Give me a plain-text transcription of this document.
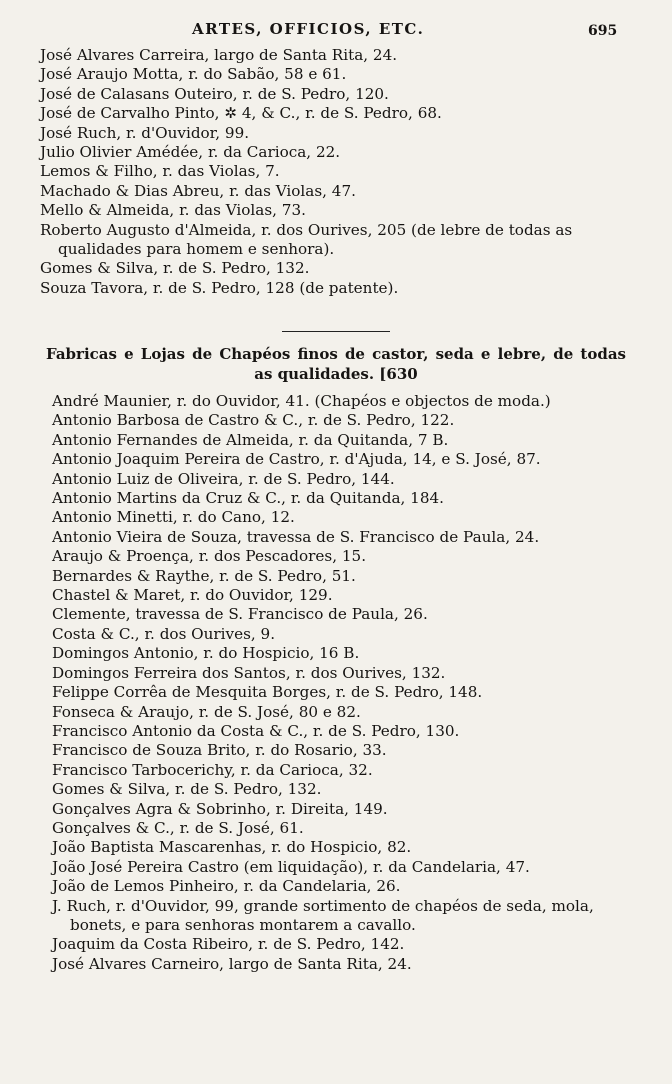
ARTES, OFFICIOS, ETC.	695
José Alvares Carreira, largo de Santa Rita, 24.
José Araujo Motta, r. do Sabão, 58 e 61.
José de Calasans Outeiro, r. de S. Pedro, 120.
José de Carvalho Pinto, ✲ 4, & C., r. de S. Pedro, 68.
José Ruch, r. d'Ouvidor, 99.
Julio Olivier Amédée, r. da Carioca, 22.
Lemos & Filho, r. das Violas, 7.
Machado & Dias Abreu, r. das Violas, 47.
Mello & Almeida, r. das Violas, 73.
Roberto Augusto d'Almeida, r. dos Ourives, 205 (de lebre de todas as qualidades para homem e senhora).
Gomes & Silva, r. de S. Pedro, 132.
Souza Tavora, r. de S. Pedro, 128 (de patente).

Fabricas e Lojas de Chapéos finos de castor, seda e lebre, de todas as qualidades. [630

André Maunier, r. do Ouvidor, 41. (Chapéos e objectos de moda.)
Antonio Barbosa de Castro & C., r. de S. Pedro, 122.
Antonio Fernandes de Almeida, r. da Quitanda, 7 B.
Antonio Joaquim Pereira de Castro, r. d'Ajuda, 14, e S. José, 87.
Antonio Luiz de Oliveira, r. de S. Pedro, 144.
Antonio Martins da Cruz & C., r. da Quitanda, 184.
Antonio Minetti, r. do Cano, 12.
Antonio Vieira de Souza, travessa de S. Francisco de Paula, 24.
Araujo & Proença, r. dos Pescadores, 15.
Bernardes & Raythe, r. de S. Pedro, 51.
Chastel & Maret, r. do Ouvidor, 129.
Clemente, travessa de S. Francisco de Paula, 26.
Costa & C., r. dos Ourives, 9.
Domingos Antonio, r. do Hospicio, 16 B.
Domingos Ferreira dos Santos, r. dos Ourives, 132.
Felippe Corrêa de Mesquita Borges, r. de S. Pedro, 148.
Fonseca & Araujo, r. de S. José, 80 e 82.
Francisco Antonio da Costa & C., r. de S. Pedro, 130.
Francisco de Souza Brito, r. do Rosario, 33.
Francisco Tarbocerichy, r. da Carioca, 32.
Gomes & Silva, r. de S. Pedro, 132.
Gonçalves Agra & Sobrinho, r. Direita, 149.
Gonçalves & C., r. de S. José, 61.
João Baptista Mascarenhas, r. do Hospicio, 82.
João José Pereira Castro (em liquidação), r. da Candelaria, 47.
João de Lemos Pinheiro, r. da Candelaria, 26.
J. Ruch, r. d'Ouvidor, 99, grande sortimento de chapéos de seda, mola, bonets, e para senhoras montarem a cavallo.
Joaquim da Costa Ribeiro, r. de S. Pedro, 142.
José Alvares Carneiro, largo de Santa Rita, 24.
